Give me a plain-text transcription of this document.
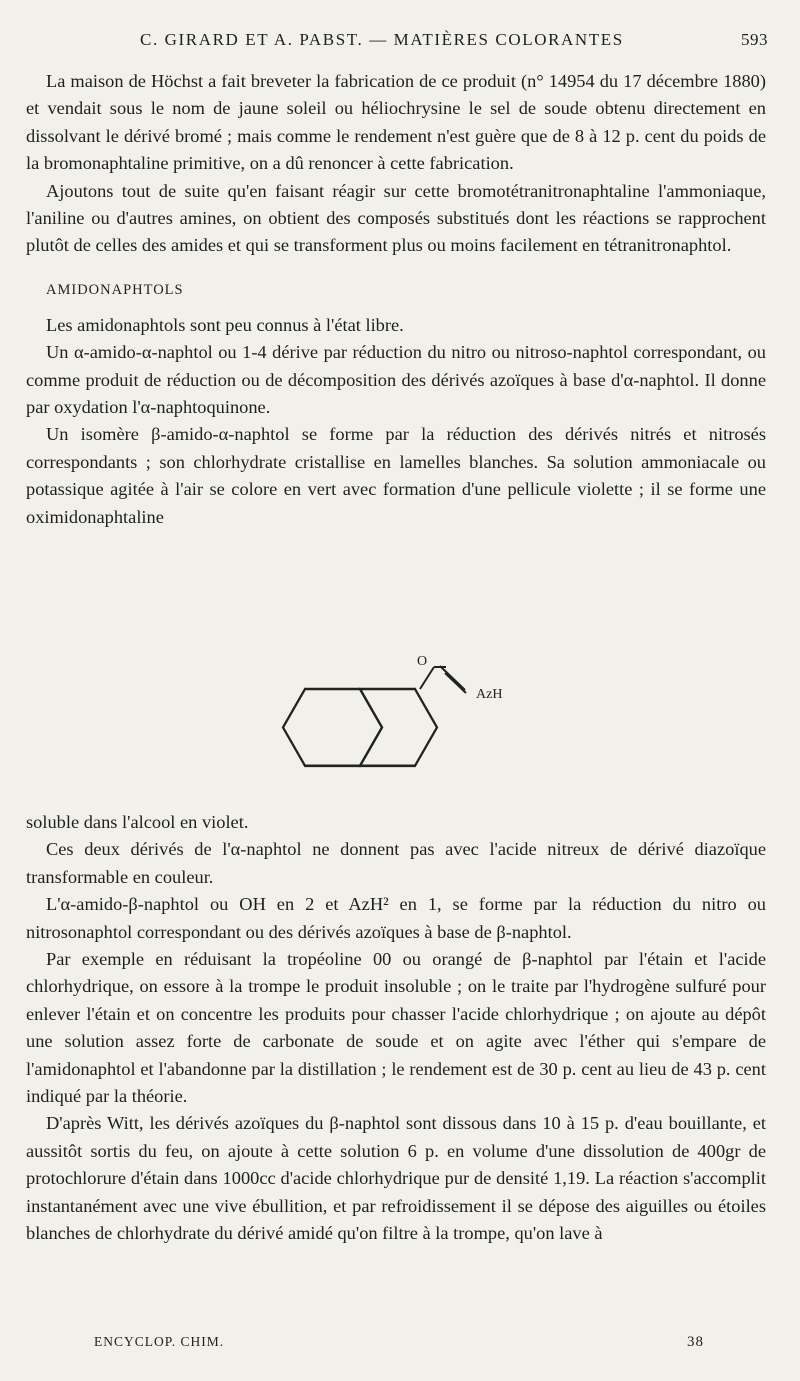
C. GIRARD ET A. PABST. — MATIÈRES COLORANTES	593

La maison de Höchst a fait breveter la fabrication de ce produit (n° 14954 du 17 décembre 1880) et vendait sous le nom de jaune soleil ou héliochrysine le sel de soude obtenu directement en dissolvant le dérivé bromé ; mais comme le rendement n'est guère que de 8 à 12 p. cent du poids de la bromonaphtaline primitive, on a dû renoncer à cette fabrication.

Ajoutons tout de suite qu'en faisant réagir sur cette bromotétranitronaphtaline l'ammoniaque, l'aniline ou d'autres amines, on obtient des composés substitués dont les réactions se rapprochent plutôt de celles des amides et qui se transforment plus ou moins facilement en tétranitronaphtol.

AMIDONAPHTOLS

Les amidonaphtols sont peu connus à l'état libre.

Un α-amido-α-naphtol ou 1-4 dérive par réduction du nitro ou nitroso-naphtol correspondant, ou comme produit de réduction ou de décomposition des dérivés azoïques à base d'α-naphtol. Il donne par oxydation l'α-naphtoquinone.

Un isomère β-amido-α-naphtol se forme par la réduction des dérivés nitrés et nitrosés correspondants ; son chlorhydrate cristallise en lamelles blanches. Sa solution ammoniacale ou potassique agitée à l'air se colore en vert avec formation d'une pellicule violette ; il se forme une oximidonaphtaline

O
AzH

soluble dans l'alcool en violet.

Ces deux dérivés de l'α-naphtol ne donnent pas avec l'acide nitreux de dérivé diazoïque transformable en couleur.

L'α-amido-β-naphtol ou OH en 2 et AzH² en 1, se forme par la réduction du nitro ou nitrosonaphtol correspondant ou des dérivés azoïques à base de β-naphtol.

Par exemple en réduisant la tropéoline 00 ou orangé de β-naphtol par l'étain et l'acide chlorhydrique, on essore à la trompe le produit insoluble ; on le traite par l'hydrogène sulfuré pour enlever l'étain et on concentre les produits pour chasser l'acide chlorhydrique ; on ajoute au dépôt une solution assez forte de carbonate de soude et on agite avec l'éther qui s'empare de l'amidonaphtol et l'abandonne par la distillation ; le rendement est de 30 p. cent au lieu de 43 p. cent indiqué par la théorie.

D'après Witt, les dérivés azoïques du β-naphtol sont dissous dans 10 à 15 p. d'eau bouillante, et aussitôt sortis du feu, on ajoute à cette solution 6 p. en volume d'une dissolution de 400gr de protochlorure d'étain dans 1000cc d'acide chlorhydrique pur de densité 1,19. La réaction s'accomplit instantanément avec une vive ébullition, et par refroidissement il se dépose des aiguilles ou étoiles blanches de chlorhydrate du dérivé amidé qu'on filtre à la trompe, qu'on lave à

ENCYCLOP. CHIM.	38
